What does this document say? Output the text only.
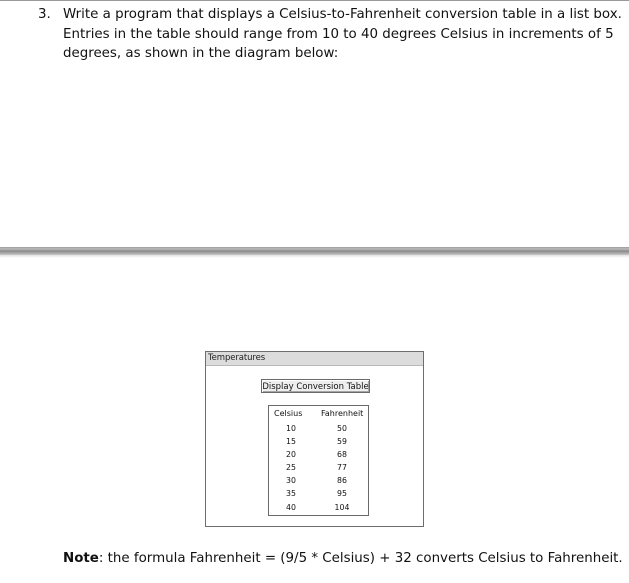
3. Write a program that displays a Celsius-to-Fahrenheit conversion table in a list box. Entries in the table should range from 10 to 40 degrees Celsius in increments of 5 degrees, as shown in the diagram below:
Temperatures
Display Conversion Table
Celsius Fahrenheit
10	50
15	59
20	68
25	77
30	86
35	95
40	104
Note: the formula Fahrenheit = (9/5 * Celsius) + 32 converts Celsius to Fahrenheit.
